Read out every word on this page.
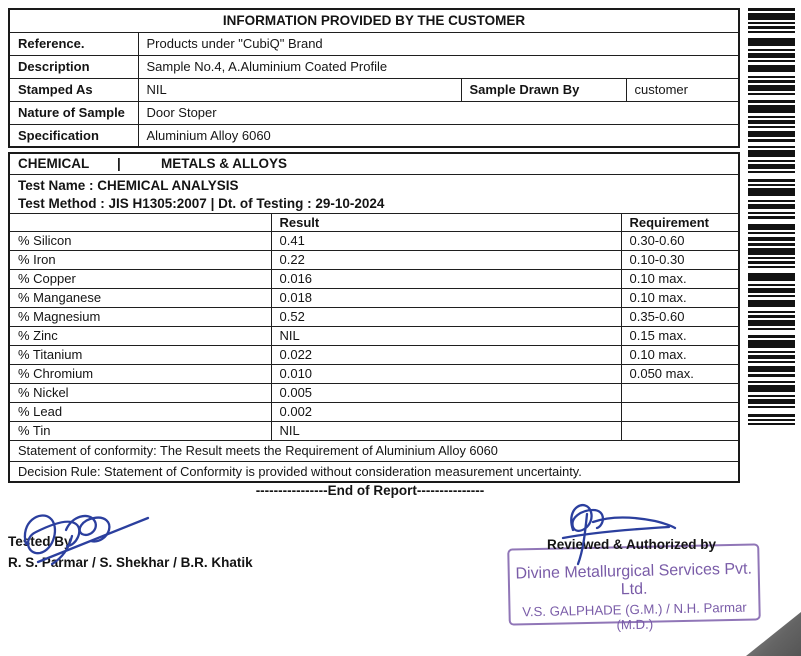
INFORMATION PROVIDED BY THE CUSTOMER			
Reference.	Products under "CubiQ" Brand		
Description	Sample No.4, A.Aluminium Coated Profile		
Stamped As	NIL	Sample Drawn By	customer
Nature of Sample	Door Stoper		
Specification	Aluminium Alloy 6060		
CHEMICAL | METALS & ALLOYS		

Test Name : CHEMICAL ANALYSIS
Test Method : JIS H1305:2007 | Dt. of Testing : 29-10-2024		

	Result	Requirement
% Silicon	0.41	0.30-0.60
% Iron	0.22	0.10-0.30
% Copper	0.016	0.10 max.
% Manganese	0.018	0.10 max.
% Magnesium	0.52	0.35-0.60
% Zinc	NIL	0.15 max.
% Titanium	0.022	0.10 max.
% Chromium	0.010	0.050 max.
% Nickel	0.005	
% Lead	0.002	
% Tin	NIL	
Statement of conformity: The Result meets the Requirement of Aluminium Alloy 6060		
Decision Rule: Statement of Conformity is provided without consideration measurement uncertainty.		
----------------End of Report---------------
Tested By
R. S. Parmar / S. Shekhar / B.R. Khatik
Reviewed & Authorized by
Divine Metallurgical Services Pvt. Ltd.
V.S. GALPHADE (G.M.) / N.H. Parmar (M.D.)
